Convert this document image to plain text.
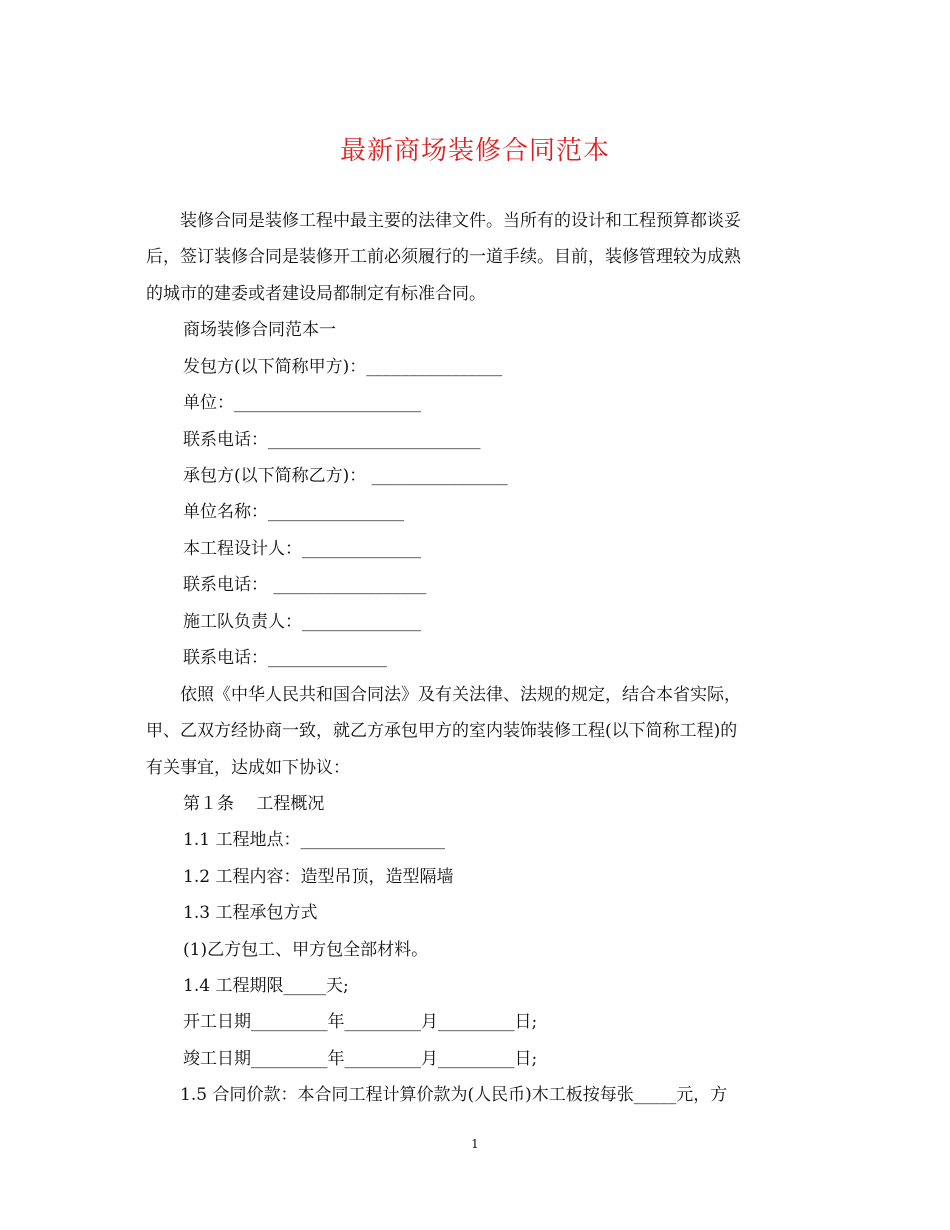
最新商场装修合同范本
　　装修合同是装修工程中最主要的法律文件。当所有的设计和工程预算都谈妥
后，签订装修合同是装修开工前必须履行的一道手续。目前，装修管理较为成熟
的城市的建委或者建设局都制定有标准合同。
商场装修合同范本一
发包方(以下简称甲方)：________________
单位：______________________
联系电话：_________________________
承包方(以下简称乙方)： ________________
单位名称：________________
本工程设计人：______________
联系电话： __________________
施工队负责人：______________
联系电话：______________
　　依照《中华人民共和国合同法》及有关法律、法规的规定，结合本省实际，
甲、乙双方经协商一致，就乙方承包甲方的室内装饰装修工程(以下简称工程)的
有关事宜，达成如下协议：
第１条　 工程概况
1.1 工程地点：_________________
1.2 工程内容：造型吊顶，造型隔墙
1.3 工程承包方式
(1)乙方包工、甲方包全部材料。
1.4 工程期限_____天;
开工日期_________年_________月_________日;
竣工日期_________年_________月_________日;
　　1.5 合同价款：本合同工程计算价款为(人民币)木工板按每张_____元，方
1
